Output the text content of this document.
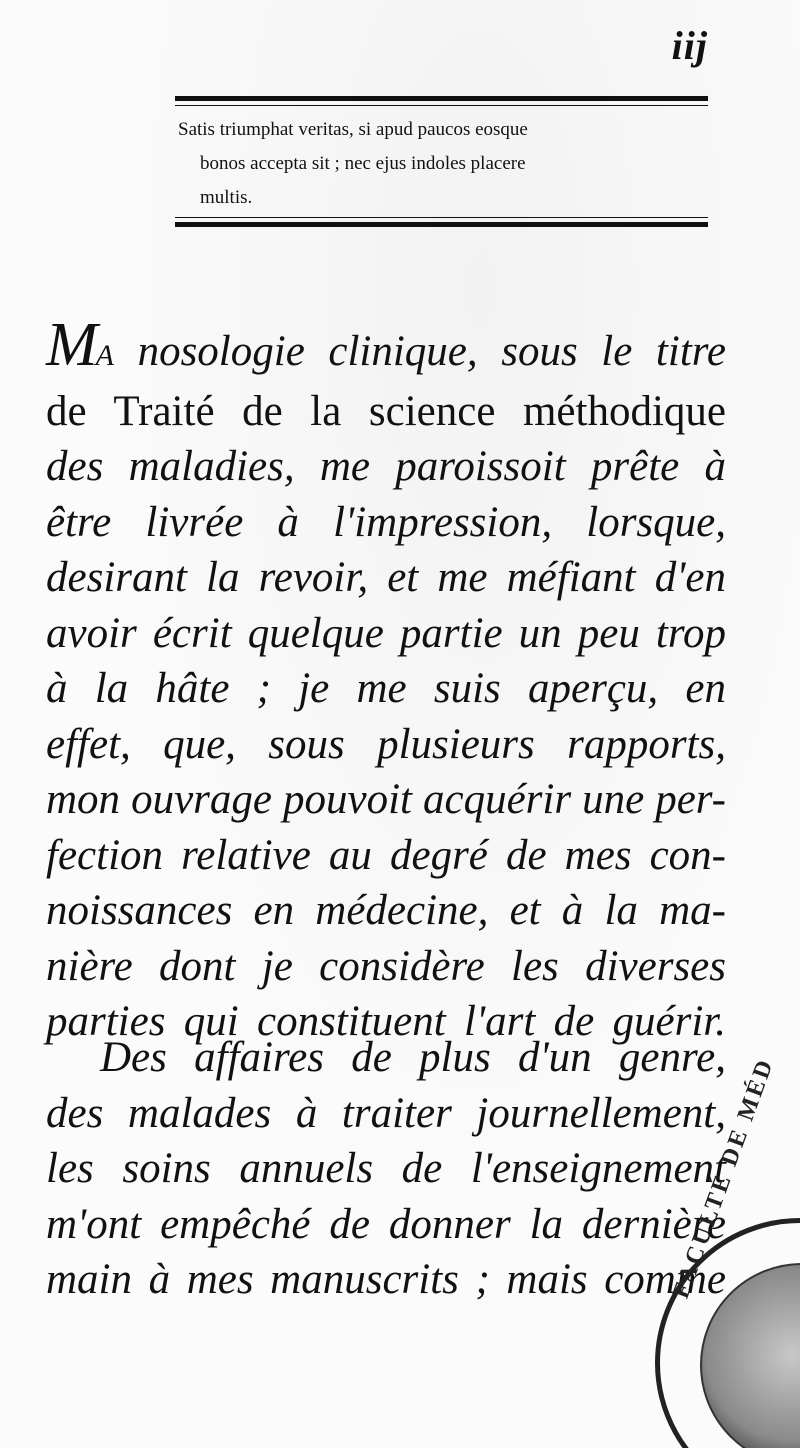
iij
Satis triumphat veritas, si apud paucos eosque
bonos accepta sit ; nec ejus indoles placere
multis.
MA nosologie clinique, sous le titre
de Traité de la science méthodique
des maladies, me paroissoit prête à
être livrée à l'impression, lorsque,
desirant la revoir, et me méfiant d'en
avoir écrit quelque partie un peu trop
à la hâte ; je me suis aperçu, en
effet, que, sous plusieurs rapports,
mon ouvrage pouvoit acquérir une per-
fection relative au degré de mes con-
noissances en médecine, et à la ma-
nière dont je considère les diverses
parties qui constituent l'art de guérir.
Des affaires de plus d'un genre,
des malades à traiter journellement,
les soins annuels de l'enseignement
m'ont empêché de donner la dernière
main à mes manuscrits ; mais comme
FACULTÉ DE MÉD
